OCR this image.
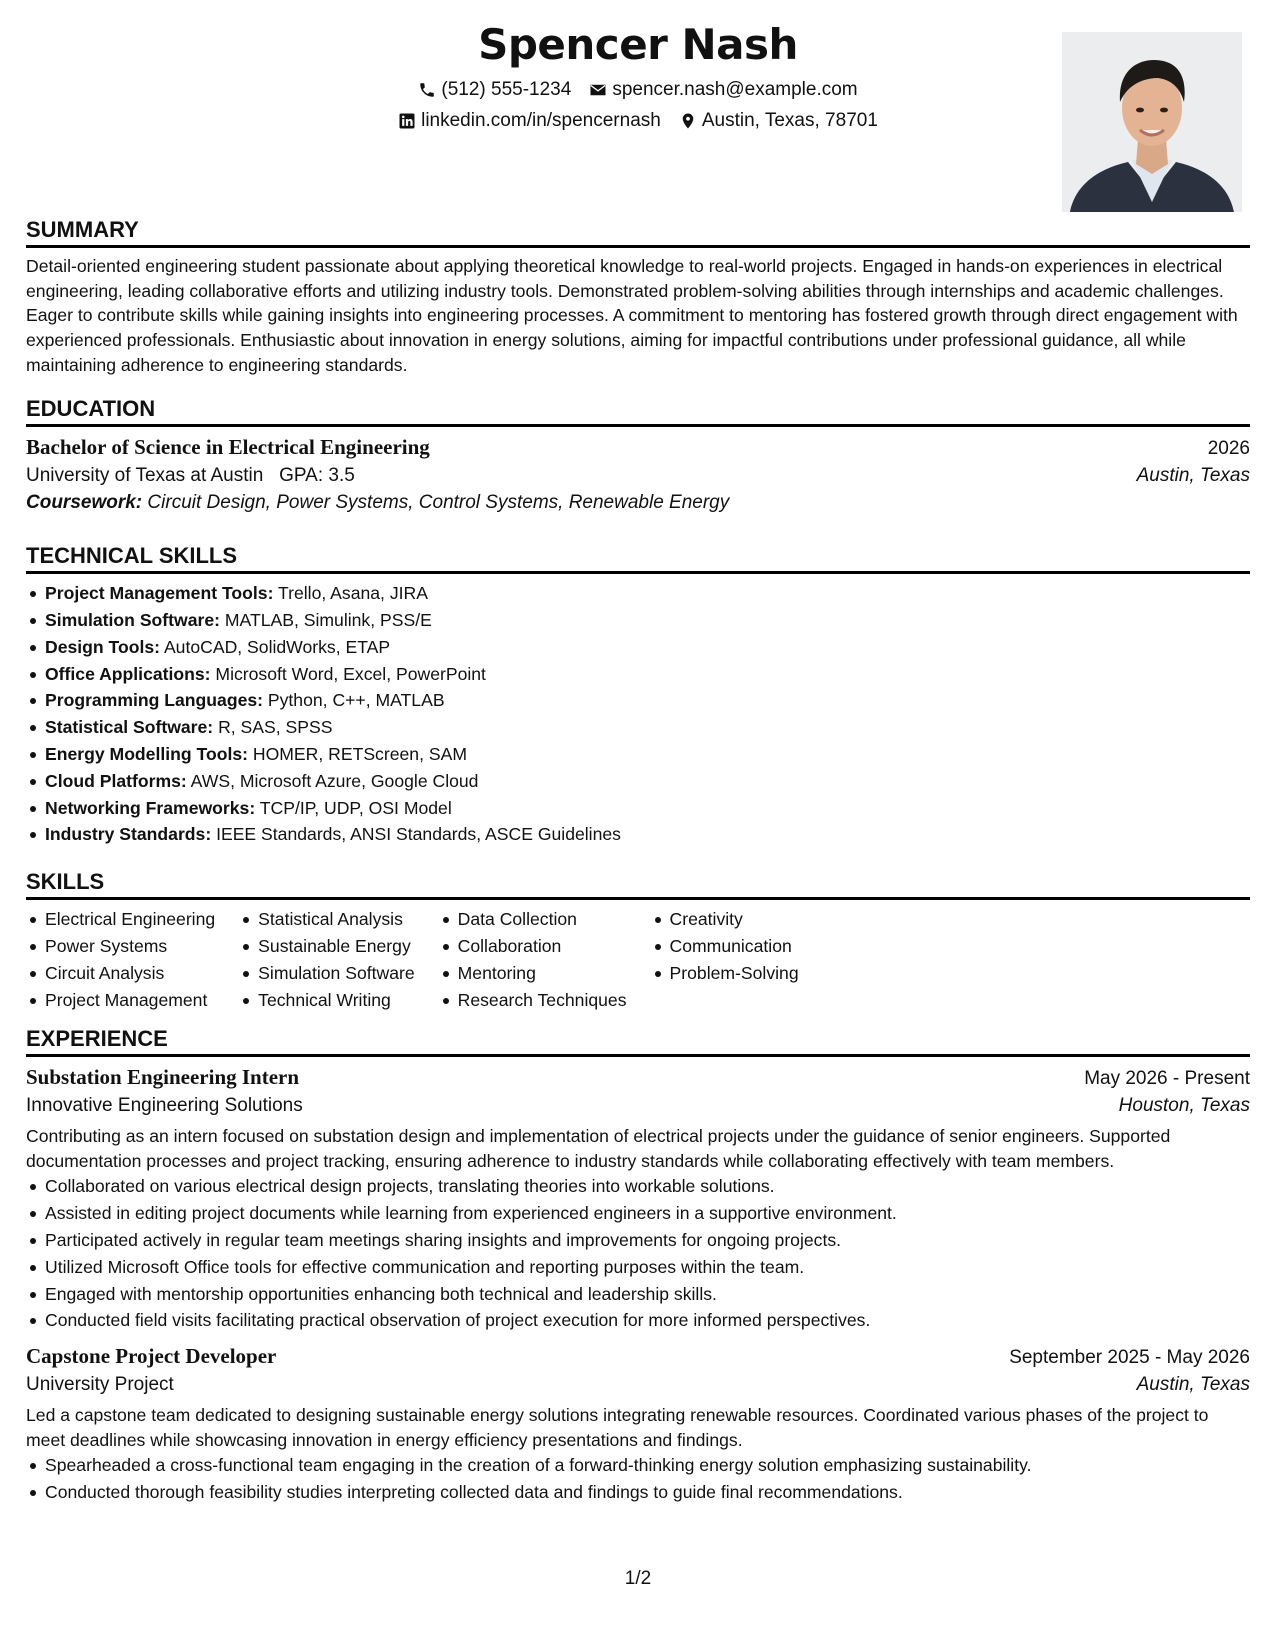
Spencer Nash
(512) 555-1234 spencer.nash@example.com
linkedin.com/in/spencernash Austin, Texas, 78701
SUMMARY

Detail-oriented engineering student passionate about applying theoretical knowledge to real-world projects. Engaged in hands-on experiences in electrical engineering, leading collaborative efforts and utilizing industry tools. Demonstrated problem-solving abilities through internships and academic challenges. Eager to contribute skills while gaining insights into engineering processes. A commitment to mentoring has fostered growth through direct engagement with experienced professionals. Enthusiastic about innovation in energy solutions, aiming for impactful contributions under professional guidance, all while maintaining adherence to engineering standards.

EDUCATION
Bachelor of Science in Electrical Engineering	2026
University of Texas at Austin GPA: 3.5	Austin, Texas
Coursework: Circuit Design, Power Systems, Control Systems, Renewable Energy
TECHNICAL SKILLS
Project Management Tools: Trello, Asana, JIRA
Simulation Software: MATLAB, Simulink, PSS/E
Design Tools: AutoCAD, SolidWorks, ETAP
Office Applications: Microsoft Word, Excel, PowerPoint
Programming Languages: Python, C++, MATLAB
Statistical Software: R, SAS, SPSS
Energy Modelling Tools: HOMER, RETScreen, SAM
Cloud Platforms: AWS, Microsoft Azure, Google Cloud
Networking Frameworks: TCP/IP, UDP, OSI Model
Industry Standards: IEEE Standards, ANSI Standards, ASCE Guidelines
SKILLS
Electrical Engineering
Power Systems
Circuit Analysis
Project Management
Statistical Analysis
Sustainable Energy
Simulation Software
Technical Writing
Data Collection
Collaboration
Mentoring
Research Techniques
Creativity
Communication
Problem-Solving
EXPERIENCE
Substation Engineering Intern	May 2026 - Present
Innovative Engineering Solutions	Houston, Texas

Contributing as an intern focused on substation design and implementation of electrical projects under the guidance of senior engineers. Supported documentation processes and project tracking, ensuring adherence to industry standards while collaborating effectively with team members.

Collaborated on various electrical design projects, translating theories into workable solutions.
Assisted in editing project documents while learning from experienced engineers in a supportive environment.
Participated actively in regular team meetings sharing insights and improvements for ongoing projects.
Utilized Microsoft Office tools for effective communication and reporting purposes within the team.
Engaged with mentorship opportunities enhancing both technical and leadership skills.
Conducted field visits facilitating practical observation of project execution for more informed perspectives.
Capstone Project Developer	September 2025 - May 2026
University Project	Austin, Texas

Led a capstone team dedicated to designing sustainable energy solutions integrating renewable resources. Coordinated various phases of the project to meet deadlines while showcasing innovation in energy efficiency presentations and findings.

Spearheaded a cross-functional team engaging in the creation of a forward-thinking energy solution emphasizing sustainability.
Conducted thorough feasibility studies interpreting collected data and findings to guide final recommendations.
1/2
